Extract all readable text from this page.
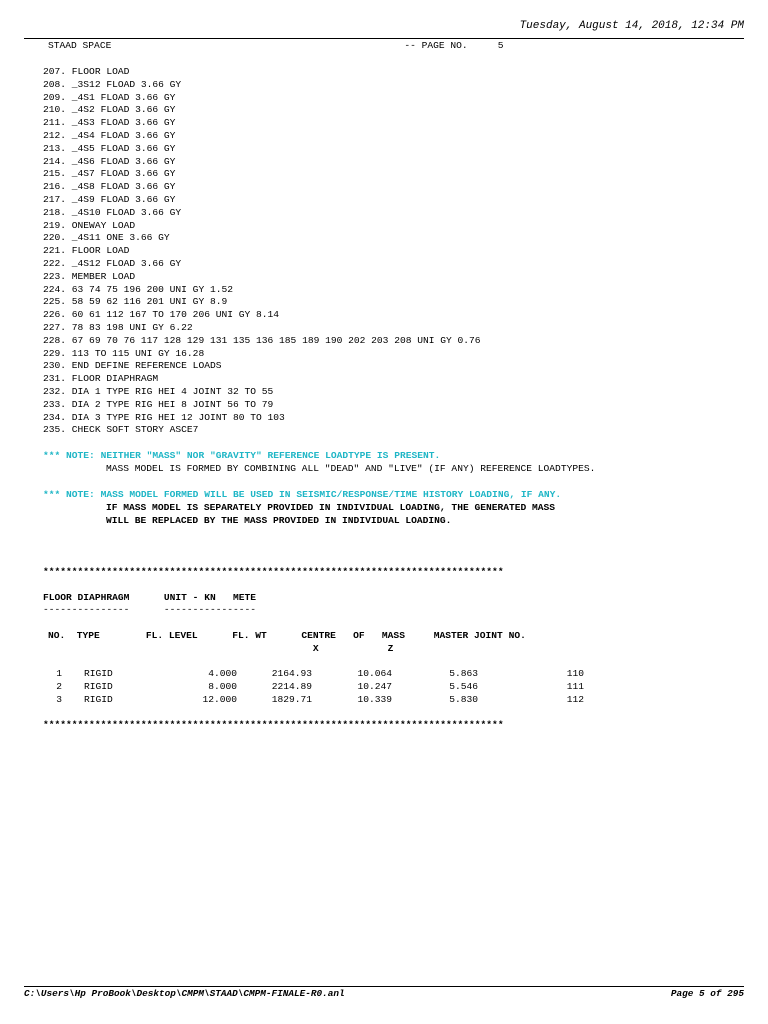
Tuesday, August 14, 2018, 12:34 PM
STAAD SPACE	-- PAGE NO.	5
207. FLOOR LOAD
208. _3S12 FLOAD 3.66 GY
209. _4S1 FLOAD 3.66 GY
210. _4S2 FLOAD 3.66 GY
211. _4S3 FLOAD 3.66 GY
212. _4S4 FLOAD 3.66 GY
213. _4S5 FLOAD 3.66 GY
214. _4S6 FLOAD 3.66 GY
215. _4S7 FLOAD 3.66 GY
216. _4S8 FLOAD 3.66 GY
217. _4S9 FLOAD 3.66 GY
218. _4S10 FLOAD 3.66 GY
219. ONEWAY LOAD
220. _4S11 ONE 3.66 GY
221. FLOOR LOAD
222. _4S12 FLOAD 3.66 GY
223. MEMBER LOAD
224. 63 74 75 196 200 UNI GY 1.52
225. 58 59 62 116 201 UNI GY 8.9
226. 60 61 112 167 TO 170 206 UNI GY 8.14
227. 78 83 198 UNI GY 6.22
228. 67 69 70 76 117 128 129 131 135 136 185 189 190 202 203 208 UNI GY 0.76
229. 113 TO 115 UNI GY 16.28
230. END DEFINE REFERENCE LOADS
231. FLOOR DIAPHRAGM
232. DIA 1 TYPE RIG HEI 4 JOINT 32 TO 55
233. DIA 2 TYPE RIG HEI 8 JOINT 56 TO 79
234. DIA 3 TYPE RIG HEI 12 JOINT 80 TO 103
235. CHECK SOFT STORY ASCE7
*** NOTE: NEITHER "MASS" NOR "GRAVITY" REFERENCE LOADTYPE IS PRESENT.
MASS MODEL IS FORMED BY COMBINING ALL "DEAD" AND "LIVE" (IF ANY) REFERENCE LOADTYPES.
*** NOTE: MASS MODEL FORMED WILL BE USED IN SEISMIC/RESPONSE/TIME HISTORY LOADING, IF ANY.
IF MASS MODEL IS SEPARATELY PROVIDED IN INDIVIDUAL LOADING, THE GENERATED MASS
WILL BE REPLACED BY THE MASS PROVIDED IN INDIVIDUAL LOADING.
********************************************************************************
FLOOR DIAPHRAGM      UNIT - KN   METE
---------------      ----------------
NO.  TYPE        FL. LEVEL      FL. WT      CENTRE   OF   MASS     MASTER JOINT NO.
X            Z
1 RIGID	4.000	2164.93	10.064	5.863	110
2 RIGID	8.000	2214.89	10.247	5.546	111
3 RIGID	12.000	1829.71	10.339	5.830	112
********************************************************************************
C:\Users\Hp ProBook\Desktop\CMPM\STAAD\CMPM-FINALE-R0.anl	Page 5 of 295
